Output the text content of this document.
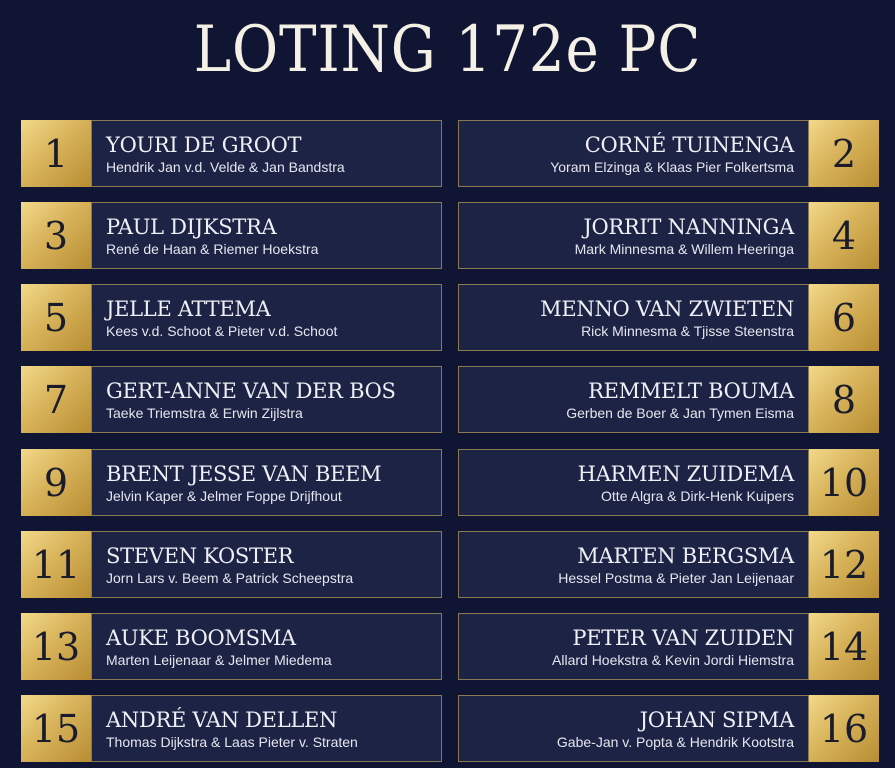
LOTING 172e PC
1	YOURI DE GROOT
Hendrik Jan v.d. Velde & Jan Bandstra
CORNÉ TUINENGA
Yoram Elzinga & Klaas Pier Folkertsma 2
3	PAUL DIJKSTRA
René de Haan & Riemer Hoekstra
JORRIT NANNINGA
Mark Minnesma & Willem Heeringa 4
5	JELLE ATTEMA
Kees v.d. Schoot & Pieter v.d. Schoot
MENNO VAN ZWIETEN
Rick Minnesma & Tjisse Steenstra 6
7	GERT-ANNE VAN DER BOS
Taeke Triemstra & Erwin Zijlstra
REMMELT BOUMA
Gerben de Boer & Jan Tymen Eisma 8
9	BRENT JESSE VAN BEEM
Jelvin Kaper & Jelmer Foppe Drijfhout
HARMEN ZUIDEMA
Otte Algra & Dirk-Henk Kuipers 10
11	STEVEN KOSTER
Jorn Lars v. Beem & Patrick Scheepstra
MARTEN BERGSMA
Hessel Postma & Pieter Jan Leijenaar 12
13	AUKE BOOMSMA
Marten Leijenaar & Jelmer Miedema
PETER VAN ZUIDEN
Allard Hoekstra & Kevin Jordi Hiemstra 14
15	ANDRÉ VAN DELLEN
Thomas Dijkstra & Laas Pieter v. Straten
JOHAN SIPMA
Gabe-Jan v. Popta & Hendrik Kootstra 16
